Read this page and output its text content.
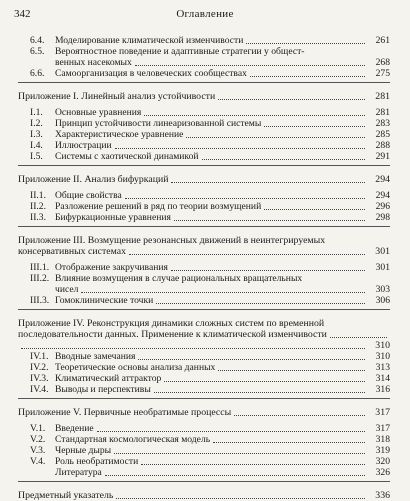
342	Оглавление
6.4.	Моделирование климатической изменчивости	261
6.5.	Вероятностное поведение и адаптивные стратегии у общест-
венных насекомых	268
6.6.	Самоорганизация в человеческих сообществах	275
Приложение I. Линейный анализ устойчивости	281
I.1.	Основные уравнения	281
I.2.	Принцип устойчивости линеаризованной системы	283
I.3.	Характеристическое уравнение	285
I.4.	Иллюстрации	288
I.5.	Системы с хаотической динамикой	291
Приложение II. Анализ бифуркаций	294
II.1. Общие свойства	294
II.2. Разложение решений в ряд по теории возмущений	296
II.3. Бифуркационные уравнения	298
Приложение III. Возмущение резонансных движений в неинтегрируемых
консервативных системах	301
III.1. Отображение закручивания	301
III.2. Влияние возмущения в случае рациональных вращательных
чисел	303
III.3. Гомоклинические точки	306
Приложение IV. Реконструкция динамики сложных систем по временной
последовательности данных. Применение к климатической изменчивости
310
IV.1. Вводные замечания	310
IV.2. Теоретические основы анализа данных	313
IV.3. Климатический аттрактор	314
IV.4. Выводы и перспективы	316
Приложение V. Первичные необратимые процессы	317
V.1.	Введение	317
V.2.	Стандартная космологическая модель	318
V.3.	Черные дыры	319
V.4.	Роль необратимости	320
Литература	326
Предметный указатель	336
